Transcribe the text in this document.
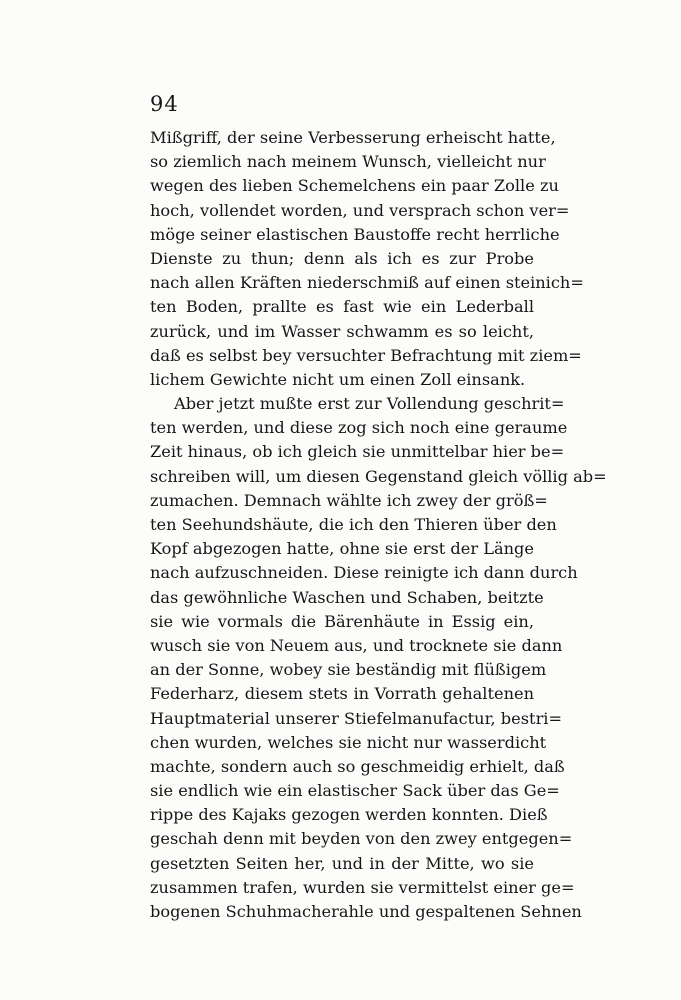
94
Mißgriff, der seine Verbesserung erheischt hatte,
so ziemlich nach meinem Wunsch, vielleicht nur
wegen des lieben Schemelchens ein paar Zolle zu
hoch, vollendet worden, und versprach schon ver=
möge seiner elastischen Baustoffe recht herrliche
Dienste zu thun; denn als ich es zur Probe
nach allen Kräften niederschmiß auf einen steinich=
ten Boden, prallte es fast wie ein Lederball
zurück, und im Wasser schwamm es so leicht,
daß es selbst bey versuchter Befrachtung mit ziem=
lichem Gewichte nicht um einen Zoll einsank.
Aber jetzt mußte erst zur Vollendung geschrit=
ten werden, und diese zog sich noch eine geraume
Zeit hinaus, ob ich gleich sie unmittelbar hier be=
schreiben will, um diesen Gegenstand gleich völlig ab=
zumachen. Demnach wählte ich zwey der größ=
ten Seehundshäute, die ich den Thieren über den
Kopf abgezogen hatte, ohne sie erst der Länge
nach aufzuschneiden. Diese reinigte ich dann durch
das gewöhnliche Waschen und Schaben, beitzte
sie wie vormals die Bärenhäute in Essig ein,
wusch sie von Neuem aus, und trocknete sie dann
an der Sonne, wobey sie beständig mit flüßigem
Federharz, diesem stets in Vorrath gehaltenen
Hauptmaterial unserer Stiefelmanufactur, bestri=
chen wurden, welches sie nicht nur wasserdicht
machte, sondern auch so geschmeidig erhielt, daß
sie endlich wie ein elastischer Sack über das Ge=
rippe des Kajaks gezogen werden konnten. Dieß
geschah denn mit beyden von den zwey entgegen=
gesetzten Seiten her, und in der Mitte, wo sie
zusammen trafen, wurden sie vermittelst einer ge=
bogenen Schuhmacherahle und gespaltenen Sehnen
